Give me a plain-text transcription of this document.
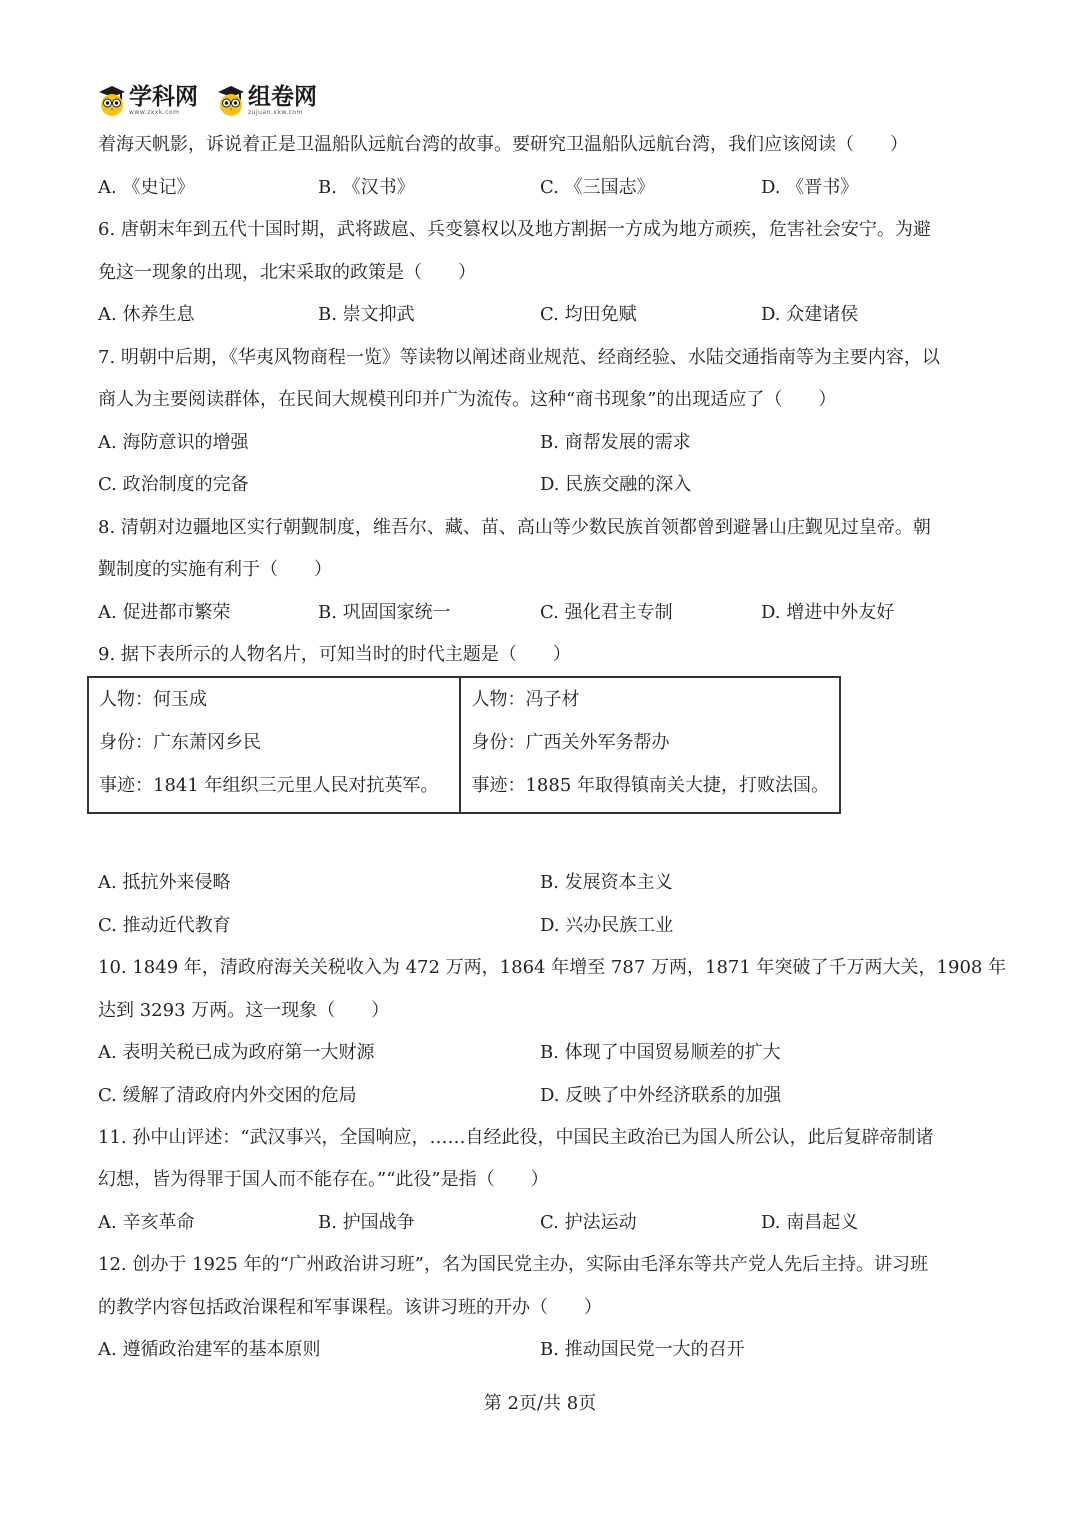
学科网
www.zxxk.com
组卷网
zujuan.xkw.com
着海天帆影，诉说着正是卫温船队远航台湾的故事。要研究卫温船队远航台湾，我们应该阅读（　　）
A. 《史记》	B. 《汉书》	C. 《三国志》	D. 《晋书》
6. 唐朝末年到五代十国时期，武将跋扈、兵变篡权以及地方割据一方成为地方顽疾，危害社会安宁。为避
免这一现象的出现，北宋采取的政策是（　　）
A. 休养生息	B. 崇文抑武	C. 均田免赋	D. 众建诸侯
7. 明朝中后期，《华夷风物商程一览》等读物以阐述商业规范、经商经验、水陆交通指南等为主要内容，以
商人为主要阅读群体，在民间大规模刊印并广为流传。这种“商书现象”的出现适应了（　　）
A. 海防意识的增强	B. 商帮发展的需求
C. 政治制度的完备	D. 民族交融的深入
8. 清朝对边疆地区实行朝觐制度，维吾尔、藏、苗、高山等少数民族首领都曾到避暑山庄觐见过皇帝。朝
觐制度的实施有利于（　　）
A. 促进都市繁荣	B. 巩固国家统一	C. 强化君主专制	D. 增进中外友好
9. 据下表所示的人物名片，可知当时的时代主题是（　　）
人物：何玉成
身份：广东萧冈乡民
事迹：1841 年组织三元里人民对抗英军。

人物：冯子材
身份：广西关外军务帮办
事迹：1885 年取得镇南关大捷，打败法国。
A. 抵抗外来侵略	B. 发展资本主义
C. 推动近代教育	D. 兴办民族工业
10. 1849 年，清政府海关关税收入为 472 万两，1864 年增至 787 万两，1871 年突破了千万两大关，1908 年
达到 3293 万两。这一现象（　　）
A. 表明关税已成为政府第一大财源	B. 体现了中国贸易顺差的扩大
C. 缓解了清政府内外交困的危局	D. 反映了中外经济联系的加强
11. 孙中山评述：“武汉事兴，全国响应，……自经此役，中国民主政治已为国人所公认，此后复辟帝制诸
幻想，皆为得罪于国人而不能存在。”“此役”是指（　　）
A. 辛亥革命	B. 护国战争	C. 护法运动	D. 南昌起义
12. 创办于 1925 年的“广州政治讲习班”，名为国民党主办，实际由毛泽东等共产党人先后主持。讲习班
的教学内容包括政治课程和军事课程。该讲习班的开办（　　）
A. 遵循政治建军的基本原则	B. 推动国民党一大的召开
第 2页/共 8页
